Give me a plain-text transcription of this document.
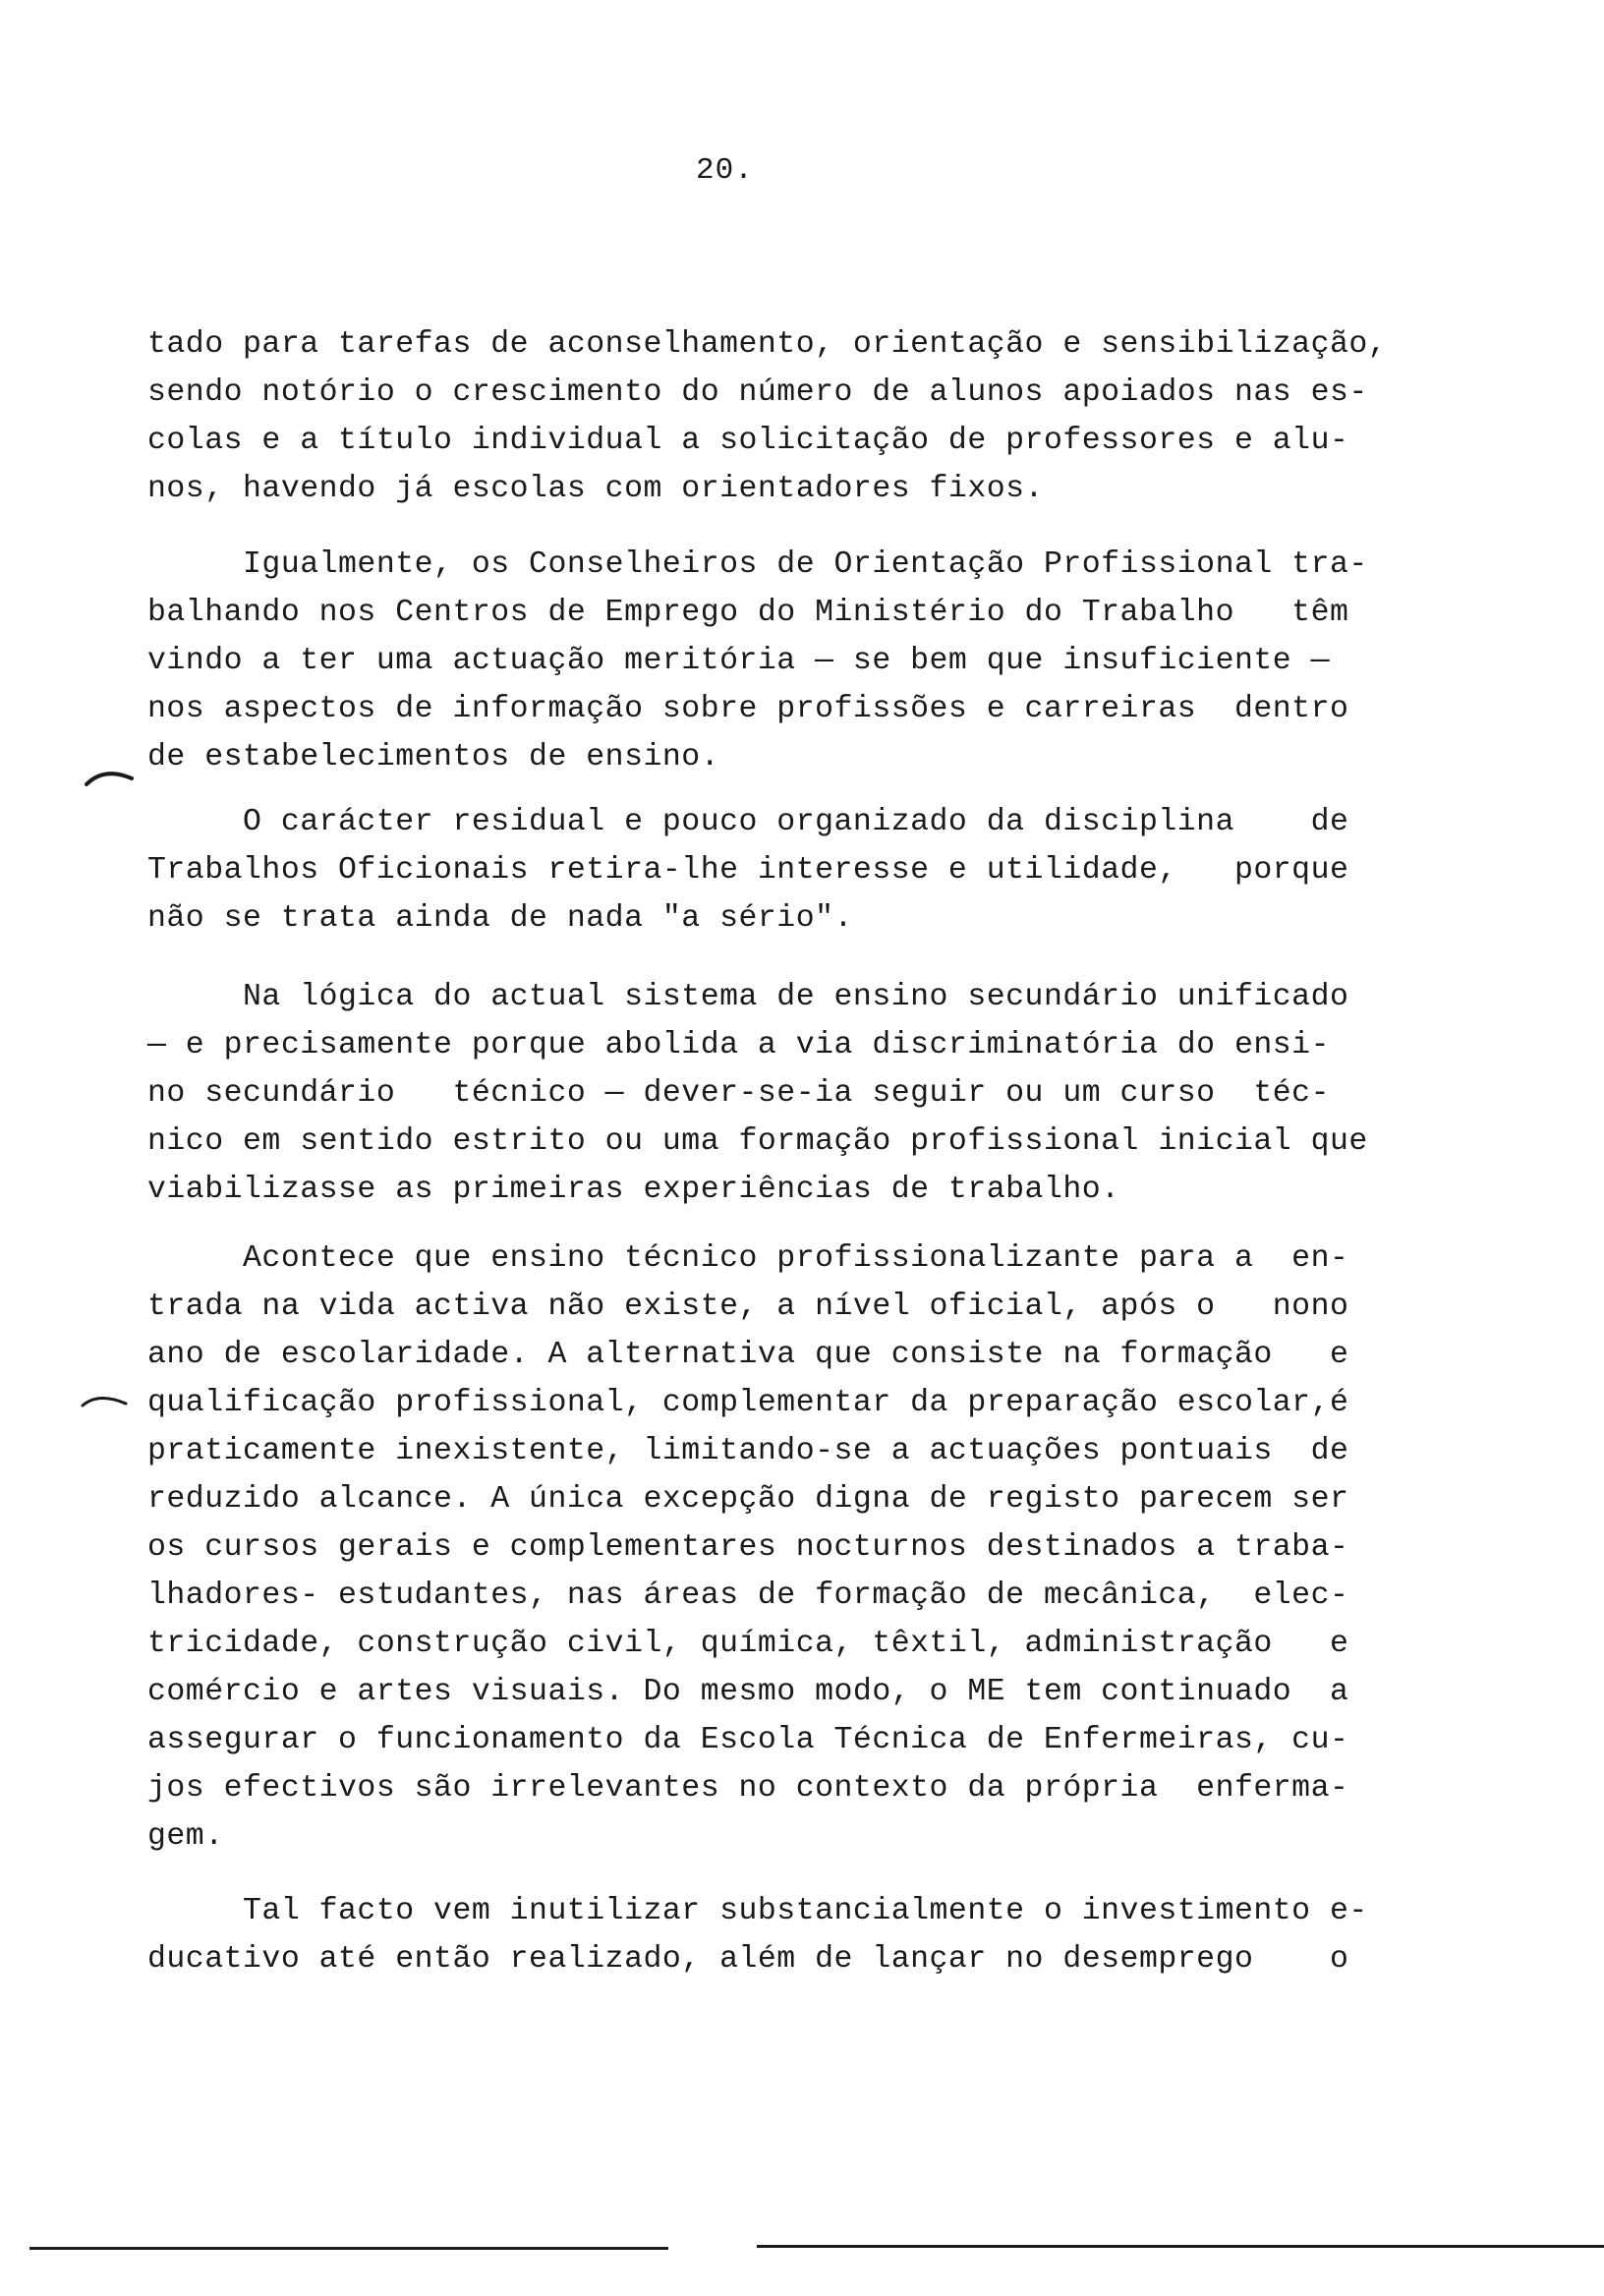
20.
tado para tarefas de aconselhamento, orientação e sensibilização,
sendo notório o crescimento do número de alunos apoiados nas es-
colas e a título individual a solicitação de professores e alu-
nos, havendo já escolas com orientadores fixos.
Igualmente, os Conselheiros de Orientação Profissional tra-
balhando nos Centros de Emprego do Ministério do Trabalho   têm
vindo a ter uma actuação meritória — se bem que insuficiente —
nos aspectos de informação sobre profissões e carreiras  dentro
de estabelecimentos de ensino.
O carácter residual e pouco organizado da disciplina    de
Trabalhos Oficionais retira-lhe interesse e utilidade,   porque
não se trata ainda de nada "a sério".
Na lógica do actual sistema de ensino secundário unificado
— e precisamente porque abolida a via discriminatória do ensi-
no secundário   técnico — dever-se-ia seguir ou um curso  téc-
nico em sentido estrito ou uma formação profissional inicial que
viabilizasse as primeiras experiências de trabalho.
Acontece que ensino técnico profissionalizante para a  en-
trada na vida activa não existe, a nível oficial, após o   nono
ano de escolaridade. A alternativa que consiste na formação   e
qualificação profissional, complementar da preparação escolar,é
praticamente inexistente, limitando-se a actuações pontuais  de
reduzido alcance. A única excepção digna de registo parecem ser
os cursos gerais e complementares nocturnos destinados a traba-
lhadores- estudantes, nas áreas de formação de mecânica,  elec-
tricidade, construção civil, química, têxtil, administração   e
comércio e artes visuais. Do mesmo modo, o ME tem continuado  a
assegurar o funcionamento da Escola Técnica de Enfermeiras, cu-
jos efectivos são irrelevantes no contexto da própria  enferma-
gem.
Tal facto vem inutilizar substancialmente o investimento e-
ducativo até então realizado, além de lançar no desemprego    o
